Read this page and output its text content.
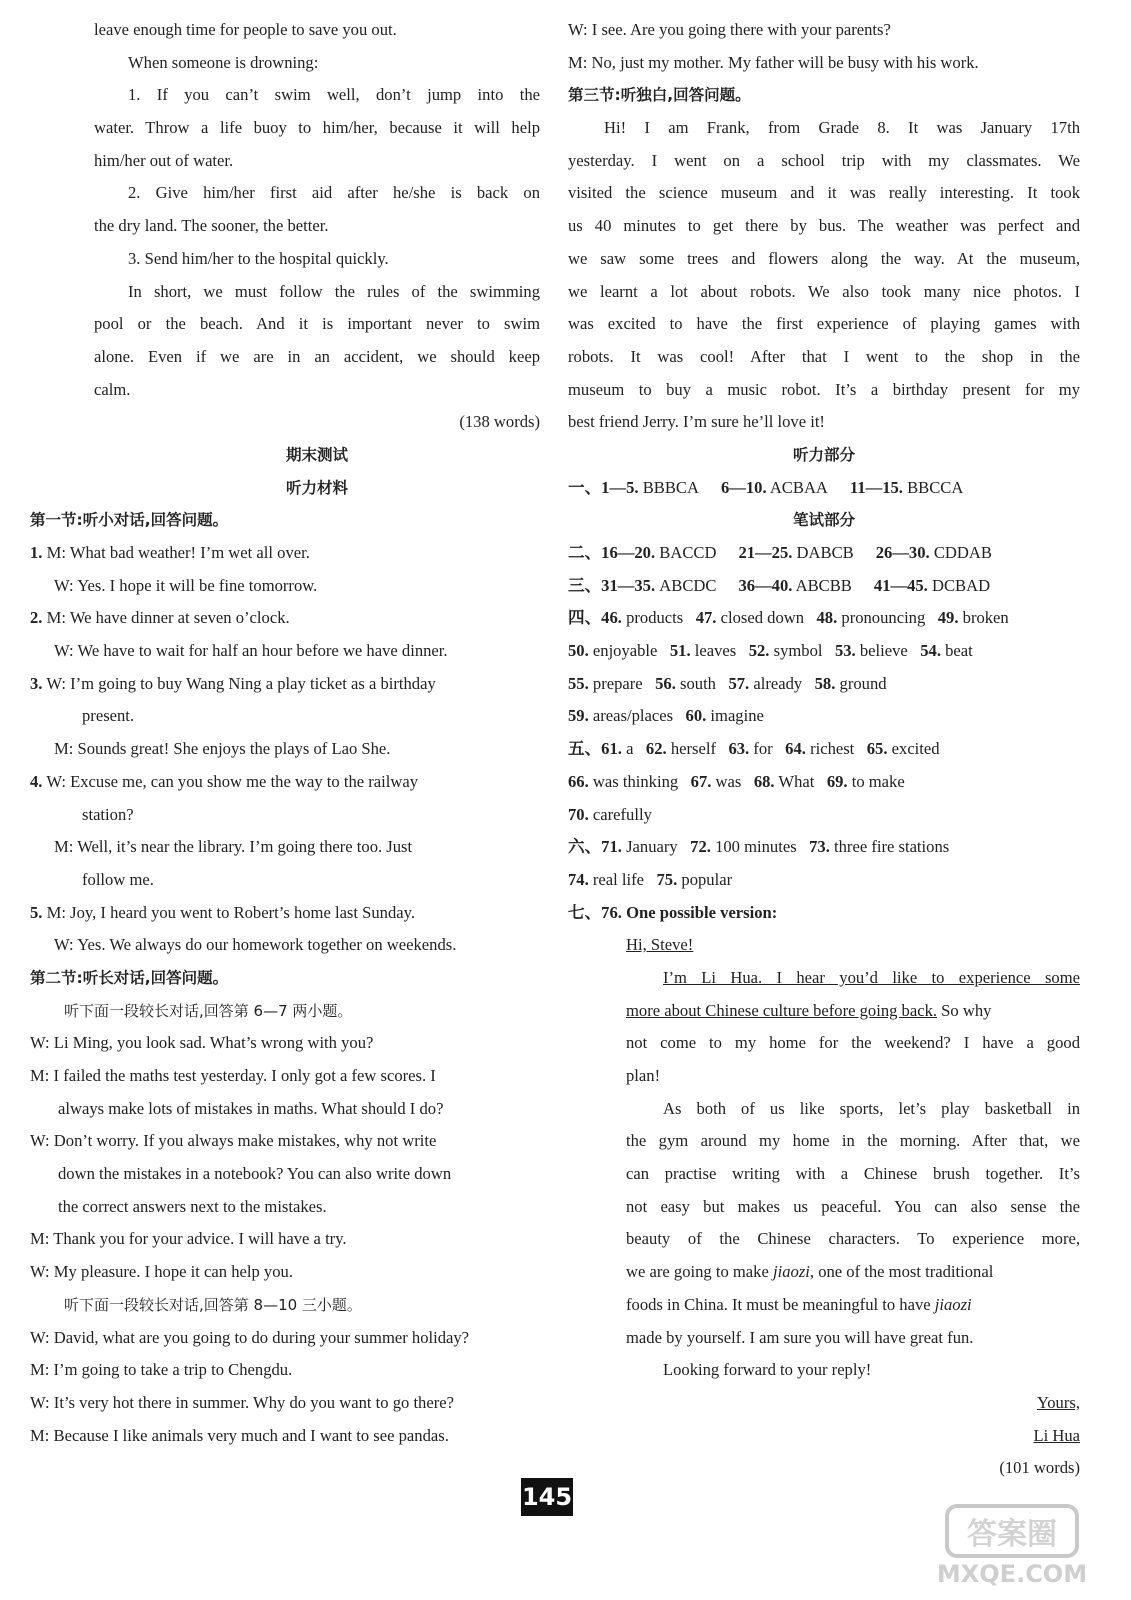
leave enough time for people to save you out.
When someone is drowning:
1. If you can’t swim well, don’t jump into the
water. Throw a life buoy to him/her, because it will help
him/her out of water.
2. Give him/her first aid after he/she is back on
the dry land. The sooner, the better.
3. Send him/her to the hospital quickly.
In short, we must follow the rules of the swimming
pool or the beach. And it is important never to swim
alone. Even if we are in an accident, we should keep
calm.
(138 words)
期末测试
听力材料
第一节:听小对话,回答问题。
1. M: What bad weather! I’m wet all over.
W: Yes. I hope it will be fine tomorrow.
2. M: We have dinner at seven o’clock.
W: We have to wait for half an hour before we have dinner.
3. W: I’m going to buy Wang Ning a play ticket as a birthday
present.
M: Sounds great! She enjoys the plays of Lao She.
4. W: Excuse me, can you show me the way to the railway
station?
M: Well, it’s near the library. I’m going there too. Just
follow me.
5. M: Joy, I heard you went to Robert’s home last Sunday.
W: Yes. We always do our homework together on weekends.
第二节:听长对话,回答问题。
听下面一段较长对话,回答第 6—7 两小题。
W: Li Ming, you look sad. What’s wrong with you?
M: I failed the maths test yesterday. I only got a few scores. I
always make lots of mistakes in maths. What should I do?
W: Don’t worry. If you always make mistakes, why not write
down the mistakes in a notebook? You can also write down
the correct answers next to the mistakes.
M: Thank you for your advice. I will have a try.
W: My pleasure. I hope it can help you.
听下面一段较长对话,回答第 8—10 三小题。
W: David, what are you going to do during your summer holiday?
M: I’m going to take a trip to Chengdu.
W: It’s very hot there in summer. Why do you want to go there?
M: Because I like animals very much and I want to see pandas.
W: I see. Are you going there with your parents?
M: No, just my mother. My father will be busy with his work.
第三节:听独白,回答问题。
Hi! I am Frank, from Grade 8. It was January 17th
yesterday. I went on a school trip with my classmates. We
visited the science museum and it was really interesting. It took
us 40 minutes to get there by bus. The weather was perfect and
we saw some trees and flowers along the way. At the museum,
we learnt a lot about robots. We also took many nice photos. I
was excited to have the first experience of playing games with
robots. It was cool! After that I went to the shop in the
museum to buy a music robot. It’s a birthday present for my
best friend Jerry. I’m sure he’ll love it!
听力部分
一、1—5. BBBCA 6—10. ACBAA 11—15. BBCCA
笔试部分
二、16—20. BACCD 21—25. DABCB 26—30. CDDAB
三、31—35. ABCDC 36—40. ABCBB 41—45. DCBAD
四、46. products 47. closed down 48. pronouncing 49. broken
50. enjoyable 51. leaves 52. symbol 53. believe 54. beat
55. prepare 56. south 57. already 58. ground
59. areas/places 60. imagine
五、61. a 62. herself 63. for 64. richest 65. excited
66. was thinking 67. was 68. What 69. to make
70. carefully
六、71. January 72. 100 minutes 73. three fire stations
74. real life 75. popular
七、76. One possible version:
Hi, Steve!
I’m Li Hua. I hear you’d like to experience some
more about Chinese culture before going back. So why
not come to my home for the weekend? I have a good
plan!
As both of us like sports, let’s play basketball in
the gym around my home in the morning. After that, we
can practise writing with a Chinese brush together. It’s
not easy but makes us peaceful. You can also sense the
beauty of the Chinese characters. To experience more,
we are going to make jiaozi, one of the most traditional
foods in China. It must be meaningful to have jiaozi
made by yourself. I am sure you will have great fun.
Looking forward to your reply!
Yours,
Li Hua
(101 words)
145
答案圈
MXQE.COM
